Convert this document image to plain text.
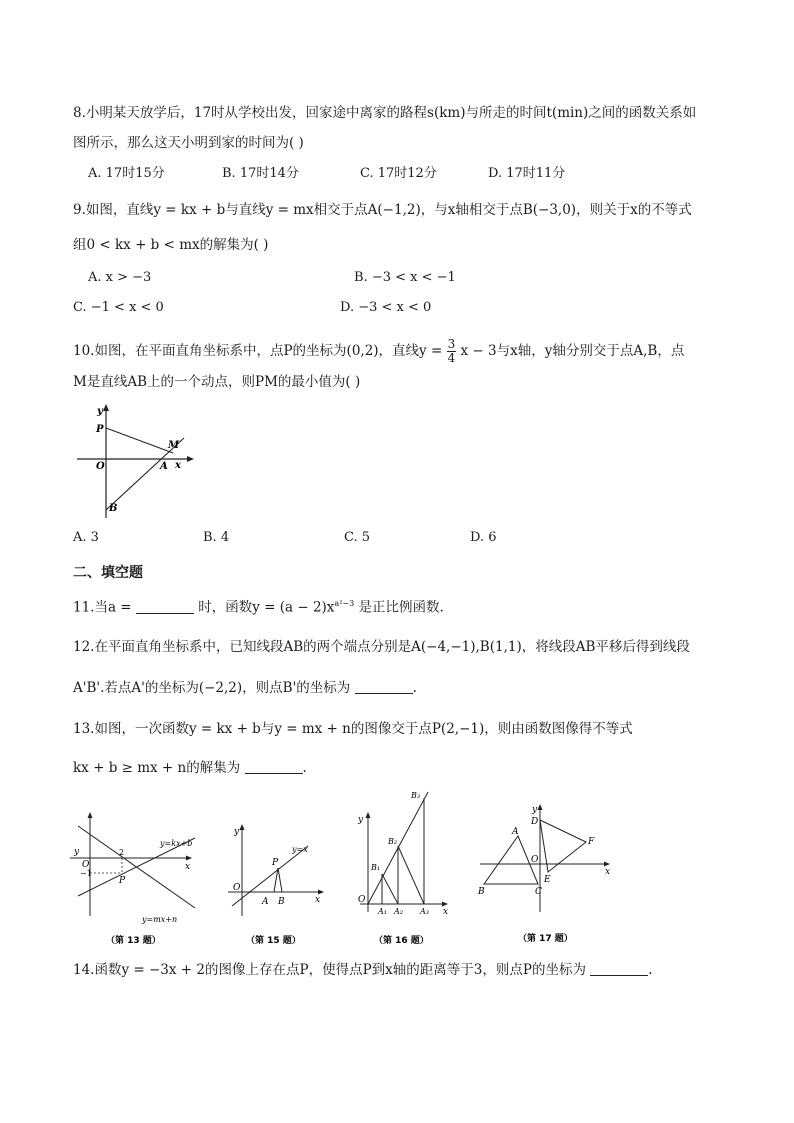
8.小明某天放学后，17时从学校出发，回家途中离家的路程s(km)与所走的时间t(min)之间的函数关系如
图所示，那么这天小明到家的时间为( )
A. 17时15分	B. 17时14分	C. 17时12分	D. 17时11分
9.如图，直线y = kx + b与直线y = mx相交于点A(−1,2)，与x轴相交于点B(−3,0)，则关于x的不等式
组0 < kx + b < mx的解集为( )
A. x > −3	B. −3 < x < −1
C. −1 < x < 0	D. −3 < x < 0
10.如图，在平面直角坐标系中，点P的坐标为(0,2)，直线$y = \frac{3}{4}$ x − 3与x轴，y轴分别交于点A,B，点
M是直线AB上的一个动点，则PM的最小值为( )
y
x
P
M
O	A
B
A. 3	B. 4	C. 5	D. 6
二、填空题
11.当a =	时，函数$y = (a - 2)x^{a^2-3}$ 是正比例函数.
12.在平面直角坐标系中，已知线段AB的两个端点分别是A(−4,−1),B(1,1)，将线段AB平移后得到线段
A'B'.若点A'的坐标为(−2,2)，则点B'的坐标为	.
13.如图，一次函数y = kx + b与y = mx + n的图像交于点P(2,−1)，则由函数图像得不等式
kx + b ≥ mx + n的解集为	.
y
x
O
2
−1
P
y=kx+b
y=mx+n
（第 13 题）
y
x
O
P
A B
y=x
（第 15 题）
y
x
O
B₁
B₂
B₃
A₁ A₂ A₃
（第 16 题）
y
x
O
A
B	C
D
E
F
（第 17 题）
14.函数y = −3x + 2的图像上存在点P，使得点P到x轴的距离等于3，则点P的坐标为	.
